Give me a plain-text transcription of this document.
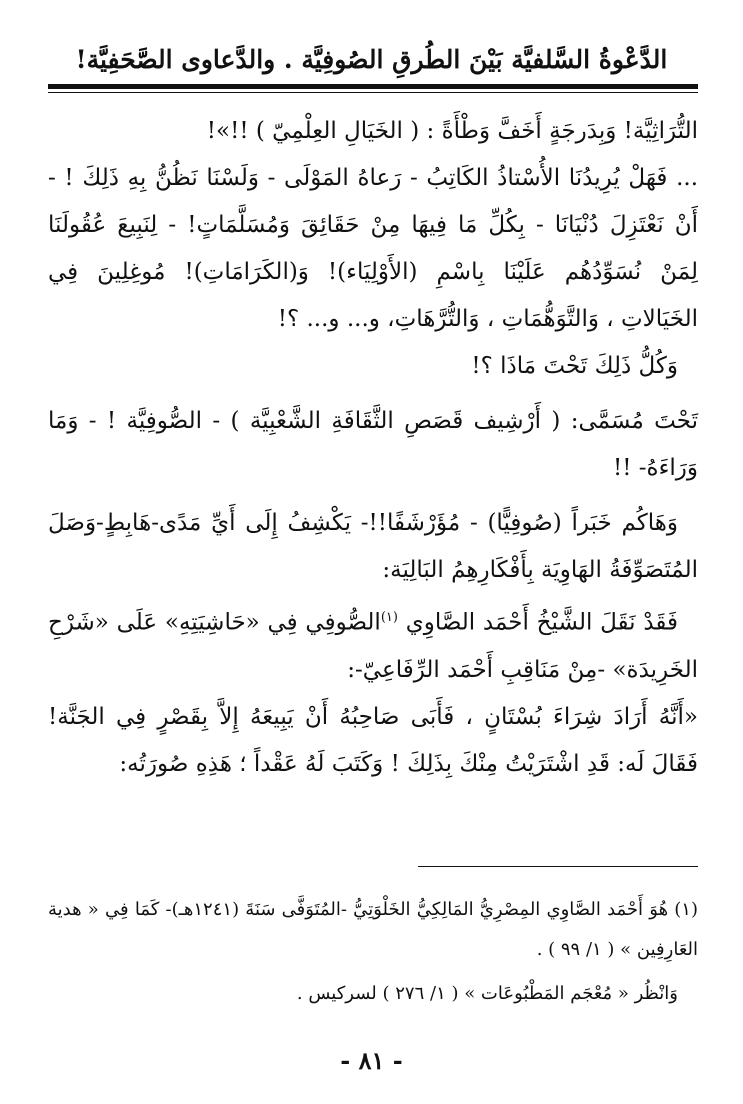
الدَّعْوةُ السَّلفيَّة بَيْنَ الطُرقِ الصُوفِيَّة . والدَّعاوى الصَّحَفِيَّة!

التُّرَاثِيَّة! وَبِدَرجَةٍ أَخَفَّ وَطْأَةً : ( الخَيَالِ العِلْمِيّ ) !!»!

... فَهَلْ يُرِيدُنَا الأُسْتاذُ الكَاتِبُ - رَعاهُ المَوْلَى - وَلَسْنَا نَظُنُّ بِهِ ذَلِكَ ! - أَنْ نَعْتَزِلَ دُنْيَانَا - بِكُلِّ مَا فِيهَا مِنْ حَقَائِقَ وَمُسَلَّمَاتٍ! - لِنَبِيعَ عُقُولَنَا لِمَنْ نُسَوِّدُهُم عَلَيْنَا بِاسْمِ (الأَوْلِيَاء)! وَ(الكَرَامَاتِ)! مُوغِلِينَ فِي الخَيَالاتِ ، وَالتَّوَهُّمَاتِ ، وَالتُّرَّهَاتِ، و... و... ؟!

وَكُلُّ ذَلِكَ تَحْتَ مَاذَا ؟!

تَحْتَ مُسَمَّى: ( أَرْشِيف قَصَصِ الثَّقَافَةِ الشَّعْبِيَّة ) - الصُّوفِيَّة ! - وَمَا وَرَاءَهُ- !!

وَهَاكُم خَبَراً (صُوفِيًّا) - مُؤَرْشَفًا!!- يَكْشِفُ إِلَى أَيِّ مَدًى-هَابِطٍ-وَصَلَ المُتَصَوِّفَةُ الهَاوِيَة بِأَفْكَارِهِمُ البَالِيَة:

فَقَدْ نَقَلَ الشَّيْخُ أَحْمَد الصَّاوِي $^{(١)}$الصُّوفِي فِي «حَاشِيَتِهِ» عَلَى «شَرْحِ الخَرِيدَة» -مِنْ مَنَاقِبِ أَحْمَد الرِّفَاعِيّ-:

«أَنَّهُ أَرَادَ شِرَاءَ بُسْتَانٍ ، فَأَبَى صَاحِبُهُ أَنْ يَبِيعَهُ إِلاَّ بِقَصْرٍ فِي الجَنَّة! فَقَالَ لَه: قَدِ اشْتَرَيْتُ مِنْكَ بِذَلِكَ ! وَكَتَبَ لَهُ عَقْداً ؛ هَذِهِ صُورَتُه:

(١) هُوَ أَحْمَد الصَّاوِي المِصْرِيُّ المَالِكِيُّ الخَلْوَتِيُّ -المُتَوَفَّى سَنَةَ (١٢٤١هـ)- كَمَا فِي « هدية العَارِفِين » ( ١/ ٩٩ ) .

وَانْظُر « مُعْجَم المَطْبُوعَات » ( ١/ ٢٧٦ ) لسركيس .

- ٨١ -
